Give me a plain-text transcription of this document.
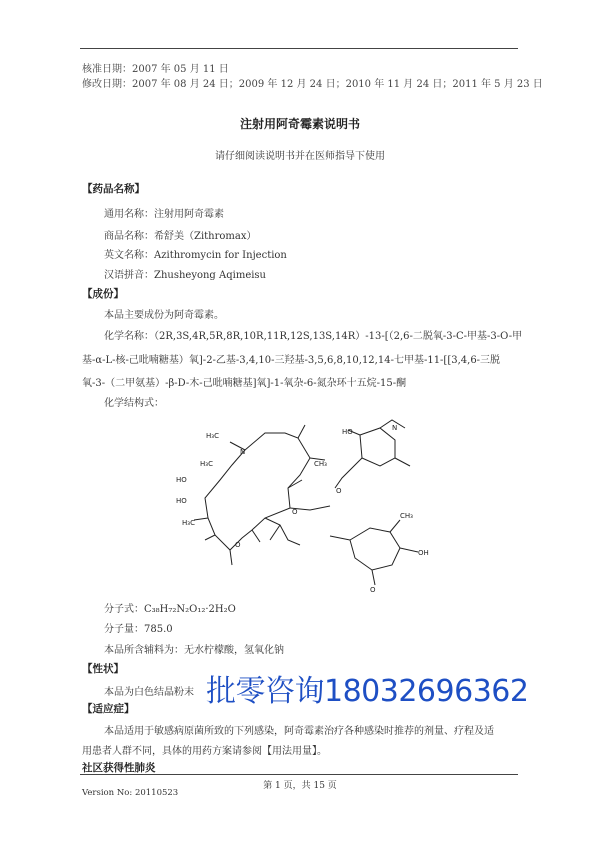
核准日期：2007 年 05 月 11 日
修改日期：2007 年 08 月 24 日；2009 年 12 月 24 日；2010 年 11 月 24 日；2011 年 5 月 23 日
注射用阿奇霉素说明书
请仔细阅读说明书并在医师指导下使用
【药品名称】
通用名称：注射用阿奇霉素
商品名称：希舒美（Zithromax）
英文名称：Azithromycin for Injection
汉语拼音：Zhusheyong Aqimeisu
【成份】
本品主要成份为阿奇霉素。
化学名称：（2R,3S,4R,5R,8R,10R,11R,12S,13S,14R）-13-[（2,6-二脱氧-3-C-甲基-3-O-甲
基-α-L-核-己吡喃糖基）氧]-2-乙基-3,4,10-三羟基-3,5,6,8,10,12,14-七甲基-11-[[3,4,6-三脱
氧-3-（二甲氨基）-β-D-木-己吡喃糖基]氧]-1-氧杂-6-氮杂环十五烷-15-酮
化学结构式：
H₃C
N
H₃C
HO
HO
CH₃
H₃C
O
O
HO	N
O
CH₃
OH
O
分子式：C₃₈H₇₂N₂O₁₂·2H₂O
分子量：785.0
本品所含辅料为：无水柠檬酸，氢氧化钠
【性状】
本品为白色结晶粉末
【适应症】
本品适用于敏感病原菌所致的下列感染，阿奇霉素治疗各种感染时推荐的剂量、疗程及适
用患者人群不同，具体的用药方案请参阅【用法用量】。
批零咨询18032696362
社区获得性肺炎
第 1 页，共 15 页
Version No: 20110523
